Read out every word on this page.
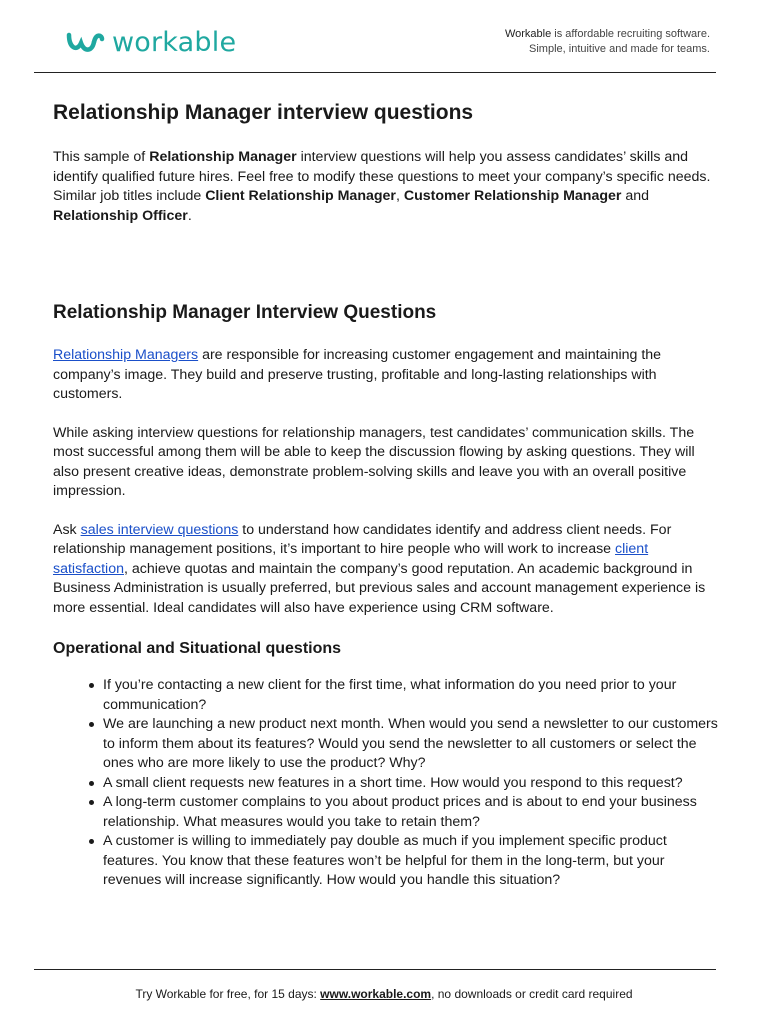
workable	Workable is affordable recruiting software.
Simple, intuitive and made for teams.
Relationship Manager interview questions

This sample of Relationship Manager interview questions will help you assess candidates’ skills and identify qualified future hires. Feel free to modify these questions to meet your company’s specific needs. Similar job titles include Client Relationship Manager, Customer Relationship Manager and Relationship Officer.

Relationship Manager Interview Questions

Relationship Managers are responsible for increasing customer engagement and maintaining the company’s image. They build and preserve trusting, profitable and long-lasting relationships with customers.

While asking interview questions for relationship managers, test candidates’ communication skills. The most successful among them will be able to keep the discussion flowing by asking questions. They will also present creative ideas, demonstrate problem-solving skills and leave you with an overall positive impression.

Ask sales interview questions to understand how candidates identify and address client needs. For relationship management positions, it’s important to hire people who will work to increase client satisfaction, achieve quotas and maintain the company’s good reputation. An academic background in Business Administration is usually preferred, but previous sales and account management experience is more essential. Ideal candidates will also have experience using CRM software.

Operational and Situational questions
If you’re contacting a new client for the first time, what information do you need prior to your communication?
We are launching a new product next month. When would you send a newsletter to our customers to inform them about its features? Would you send the newsletter to all customers or select the ones who are more likely to use the product? Why?
A small client requests new features in a short time. How would you respond to this request?
A long-term customer complains to you about product prices and is about to end your business relationship. What measures would you take to retain them?
A customer is willing to immediately pay double as much if you implement specific product features. You know that these features won’t be helpful for them in the long-term, but your revenues will increase significantly. How would you handle this situation?
Try Workable for free, for 15 days: www.workable.com, no downloads or credit card required
